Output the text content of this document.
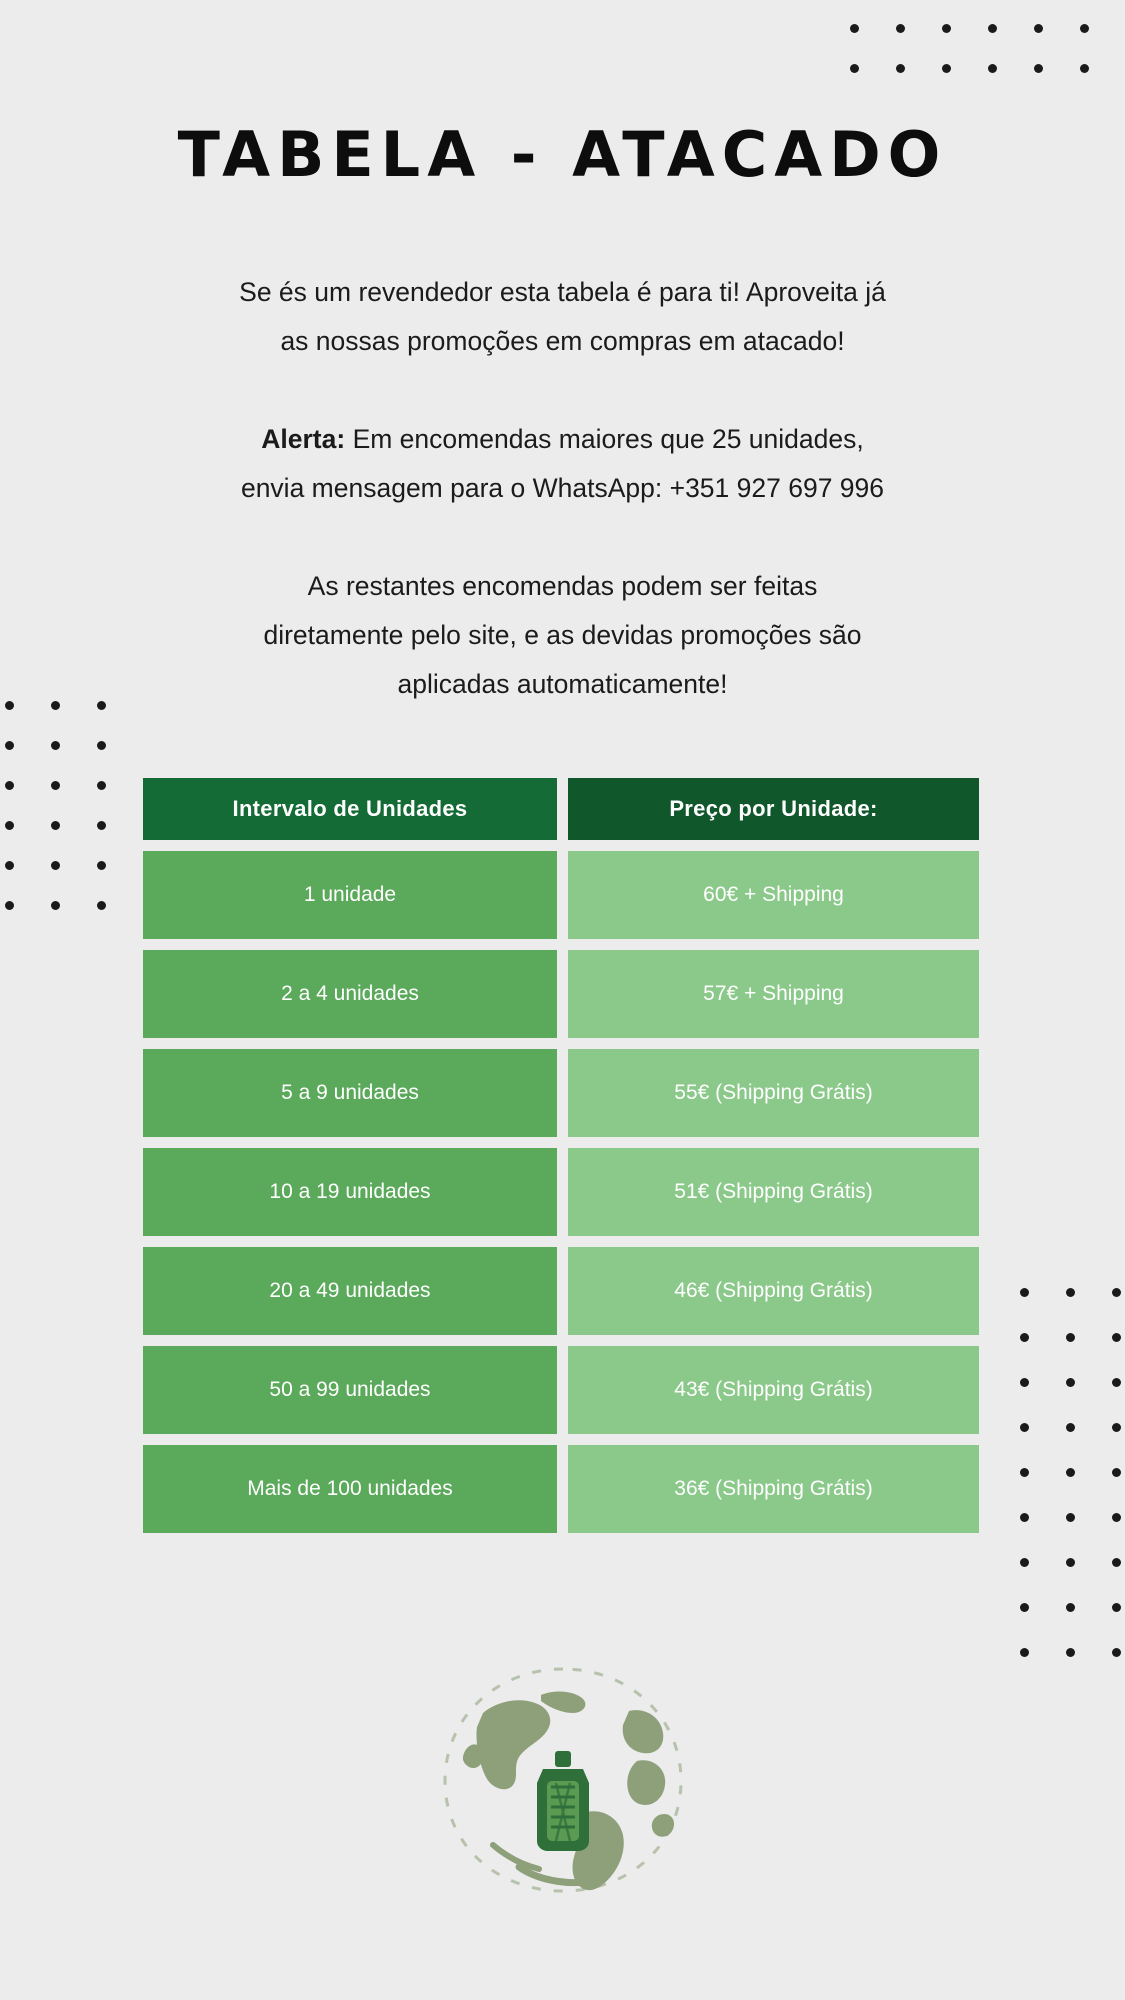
TABELA - ATACADO

Se és um revendedor esta tabela é para ti! Aproveita já

as nossas promoções em compras em atacado!

Alerta: Em encomendas maiores que 25 unidades,

envia mensagem para o WhatsApp: +351 927 697 996

As restantes encomendas podem ser feitas

diretamente pelo site, e as devidas promoções são

aplicadas automaticamente!

Intervalo de Unidades	Preço por Unidade:
1 unidade	60€ + Shipping
2 a 4 unidades	57€ + Shipping
5 a 9 unidades	55€ (Shipping Grátis)
10 a 19 unidades	51€ (Shipping Grátis)
20 a 49 unidades	46€ (Shipping Grátis)
50 a 99 unidades	43€ (Shipping Grátis)
Mais de 100 unidades	36€ (Shipping Grátis)
